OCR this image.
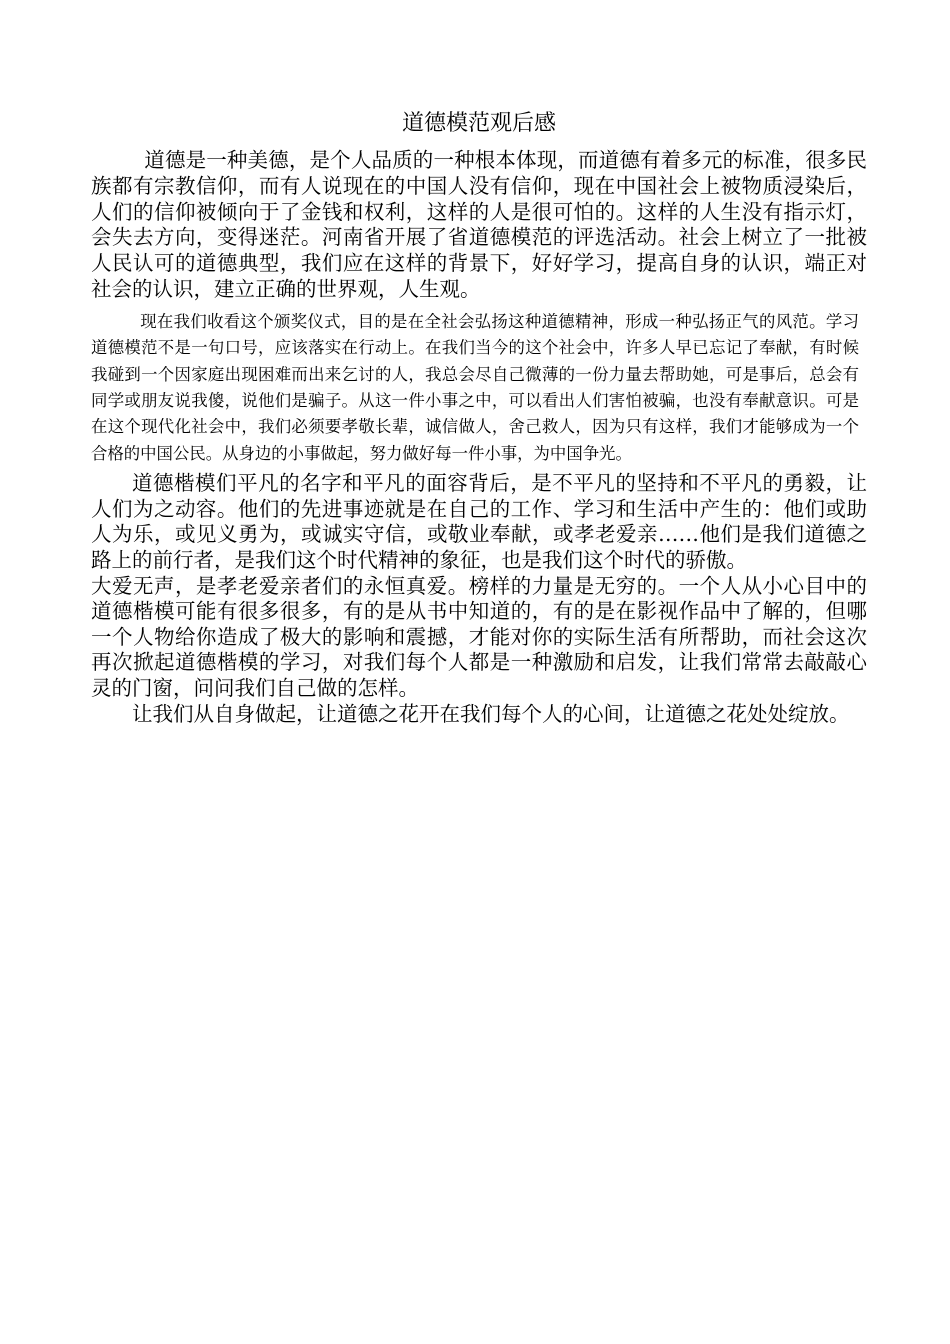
道德模范观后感

道德是一种美德，是个人品质的一种根本体现，而道德有着多元的标准，很多民族都有宗教信仰，而有人说现在的中国人没有信仰，现在中国社会上被物质浸染后，人们的信仰被倾向于了金钱和权利，这样的人是很可怕的。这样的人生没有指示灯，会失去方向，变得迷茫。河南省开展了省道德模范的评选活动。社会上树立了一批被人民认可的道德典型，我们应在这样的背景下，好好学习，提高自身的认识，端正对社会的认识，建立正确的世界观，人生观。

现在我们收看这个颁奖仪式，目的是在全社会弘扬这种道德精神，形成一种弘扬正气的风范。学习道德模范不是一句口号，应该落实在行动上。在我们当今的这个社会中，许多人早已忘记了奉献，有时候我碰到一个因家庭出现困难而出来乞讨的人，我总会尽自己微薄的一份力量去帮助她，可是事后，总会有同学或朋友说我傻，说他们是骗子。从这一件小事之中，可以看出人们害怕被骗，也没有奉献意识。可是在这个现代化社会中，我们必须要孝敬长辈，诚信做人，舍己救人，因为只有这样，我们才能够成为一个合格的中国公民。从身边的小事做起，努力做好每一件小事，为中国争光。

道德楷模们平凡的名字和平凡的面容背后，是不平凡的坚持和不平凡的勇毅，让人们为之动容。他们的先进事迹就是在自己的工作、学习和生活中产生的：他们或助人为乐，或见义勇为，或诚实守信，或敬业奉献，或孝老爱亲……他们是我们道德之路上的前行者，是我们这个时代精神的象征，也是我们这个时代的骄傲。

大爱无声，是孝老爱亲者们的永恒真爱。榜样的力量是无穷的。一个人从小心目中的道德楷模可能有很多很多，有的是从书中知道的，有的是在影视作品中了解的，但哪一个人物给你造成了极大的影响和震撼，才能对你的实际生活有所帮助，而社会这次再次掀起道德楷模的学习，对我们每个人都是一种激励和启发，让我们常常去敲敲心灵的门窗，问问我们自己做的怎样。

让我们从自身做起，让道德之花开在我们每个人的心间，让道德之花处处绽放。
